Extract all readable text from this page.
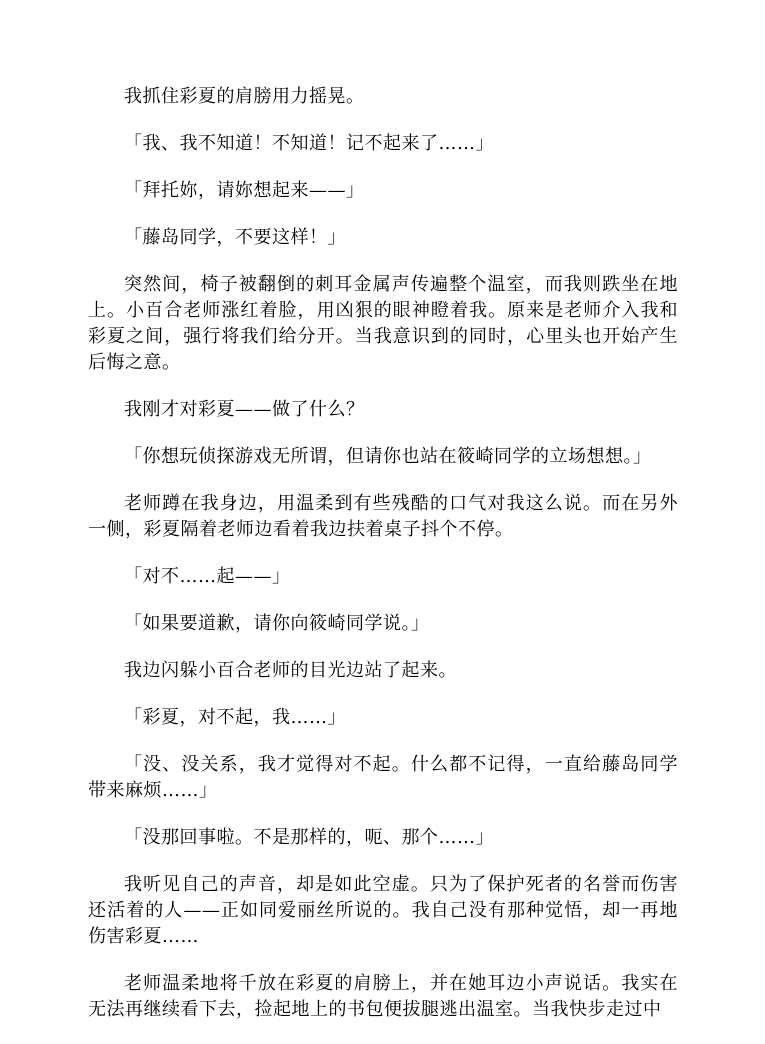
我抓住彩夏的肩膀用力摇晃。

「我、我不知道！不知道！记不起来了……」

「拜托妳，请妳想起来——」

「藤岛同学，不要这样！」

突然间，椅子被翻倒的刺耳金属声传遍整个温室，而我则跌坐在地上。小百合老师涨红着脸，用凶狠的眼神瞪着我。原来是老师介入我和彩夏之间，强行将我们给分开。当我意识到的同时，心里头也开始产生后悔之意。

我刚才对彩夏——做了什么？

「你想玩侦探游戏无所谓，但请你也站在筱崎同学的立场想想。」

老师蹲在我身边，用温柔到有些残酷的口气对我这么说。而在另外一侧，彩夏隔着老师边看着我边扶着桌子抖个不停。

「对不……起——」

「如果要道歉，请你向筱崎同学说。」

我边闪躲小百合老师的目光边站了起来。

「彩夏，对不起，我……」

「没、没关系，我才觉得对不起。什么都不记得，一直给藤岛同学带来麻烦……」

「没那回事啦。不是那样的，呃、那个……」

我听见自己的声音，却是如此空虚。只为了保护死者的名誉而伤害还活着的人——正如同爱丽丝所说的。我自己没有那种觉悟，却一再地伤害彩夏……

老师温柔地将千放在彩夏的肩膀上，并在她耳边小声说话。我实在无法再继续看下去，捡起地上的书包便拔腿逃出温室。当我快步走过中
